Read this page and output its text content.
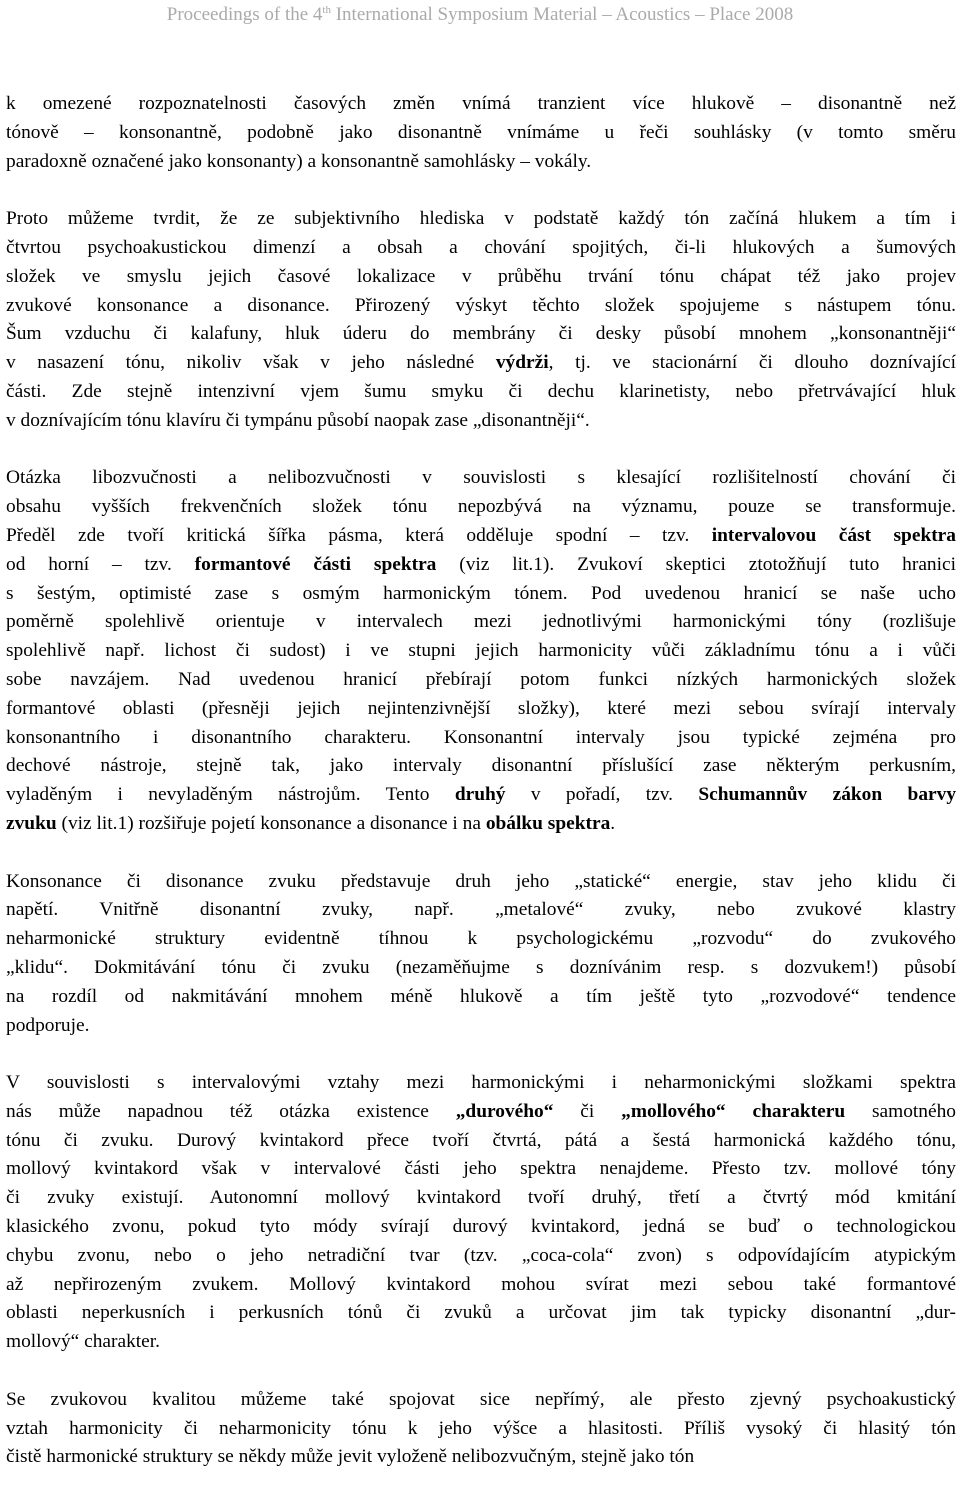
Proceedings of the 4th International Symposium Material – Acoustics – Place 2008
k omezené rozpoznatelnosti časových změn vnímá tranzient více hlukově – disonantně než
tónově – konsonantně, podobně jako disonantně vnímáme u řeči souhlásky (v tomto směru
paradoxně označené jako konsonanty) a konsonantně samohlásky – vokály.
Proto můžeme tvrdit, že ze subjektivního hlediska v podstatě každý tón začíná hlukem a tím i
čtvrtou psychoakustickou dimenzí a obsah a chování spojitých, či-li hlukových a šumových
složek ve smyslu jejich časové lokalizace v průběhu trvání tónu chápat též jako projev
zvukové konsonance a disonance. Přirozený výskyt těchto složek spojujeme s nástupem tónu.
Šum vzduchu či kalafuny, hluk úderu do membrány či desky působí mnohem „konsonantněji“
v nasazení tónu, nikoliv však v jeho následné výdrži, tj. ve stacionární či dlouho doznívající
části. Zde stejně intenzivní vjem šumu smyku či dechu klarinetisty, nebo přetrvávající hluk
v doznívajícím tónu klavíru či tympánu působí naopak zase „disonantněji“.
Otázka libozvučnosti a nelibozvučnosti v souvislosti s klesající rozlišitelností chování či
obsahu vyšších frekvenčních složek tónu nepozbývá na významu, pouze se transformuje.
Předěl zde tvoří kritická šířka pásma, která odděluje spodní – tzv. intervalovou část spektra
od horní – tzv. formantové části spektra (viz lit.1). Zvukoví skeptici ztotožňují tuto hranici
s šestým, optimisté zase s osmým harmonickým tónem. Pod uvedenou hranicí se naše ucho
poměrně spolehlivě orientuje v intervalech mezi jednotlivými harmonickými tóny (rozlišuje
spolehlivě např. lichost či sudost) i ve stupni jejich harmonicity vůči základnímu tónu a i vůči
sobe navzájem. Nad uvedenou hranicí přebírají potom funkci nízkých harmonických složek
formantové oblasti (přesněji jejich nejintenzivnější složky), které mezi sebou svírají intervaly
konsonantního i disonantního charakteru. Konsonantní intervaly jsou typické zejména pro
dechové nástroje, stejně tak, jako intervaly disonantní příslušící zase některým perkusním,
vyladěným i nevyladěným nástrojům. Tento druhý v pořadí, tzv. Schumannův zákon barvy
zvuku (viz lit.1) rozšiřuje pojetí konsonance a disonance i na obálku spektra.
Konsonance či disonance zvuku představuje druh jeho „statické“ energie, stav jeho klidu či
napětí. Vnitřně disonantní zvuky, např. „metalové“ zvuky, nebo zvukové klastry
neharmonické struktury evidentně tíhnou k psychologickému „rozvodu“ do zvukového
„klidu“. Dokmitávání tónu či zvuku (nezaměňujme s doznívánim resp. s dozvukem!) působí
na rozdíl od nakmitávání mnohem méně hlukově a tím ještě tyto „rozvodové“ tendence
podporuje.
V souvislosti s intervalovými vztahy mezi harmonickými i neharmonickými složkami spektra
nás může napadnou též otázka existence „durového“ či „mollového“ charakteru samotného
tónu či zvuku. Durový kvintakord přece tvoří čtvrtá, pátá a šestá harmonická každého tónu,
mollový kvintakord však v intervalové části jeho spektra nenajdeme. Přesto tzv. mollové tóny
či zvuky existují. Autonomní mollový kvintakord tvoří druhý, třetí a čtvrtý mód kmitání
klasického zvonu, pokud tyto módy svírají durový kvintakord, jedná se buď o technologickou
chybu zvonu, nebo o jeho netradiční tvar (tzv. „coca-cola“ zvon) s odpovídajícím atypickým
až nepřirozeným zvukem. Mollový kvintakord mohou svírat mezi sebou také formantové
oblasti neperkusních i perkusních tónů či zvuků a určovat jim tak typicky disonantní „dur-
mollový“ charakter.
Se zvukovou kvalitou můžeme také spojovat sice nepřímý, ale přesto zjevný psychoakustický
vztah harmonicity či neharmonicity tónu k jeho výšce a hlasitosti. Příliš vysoký či hlasitý tón
čistě harmonické struktury se někdy může jevit vyloženě nelibozvučným, stejně jako tón
